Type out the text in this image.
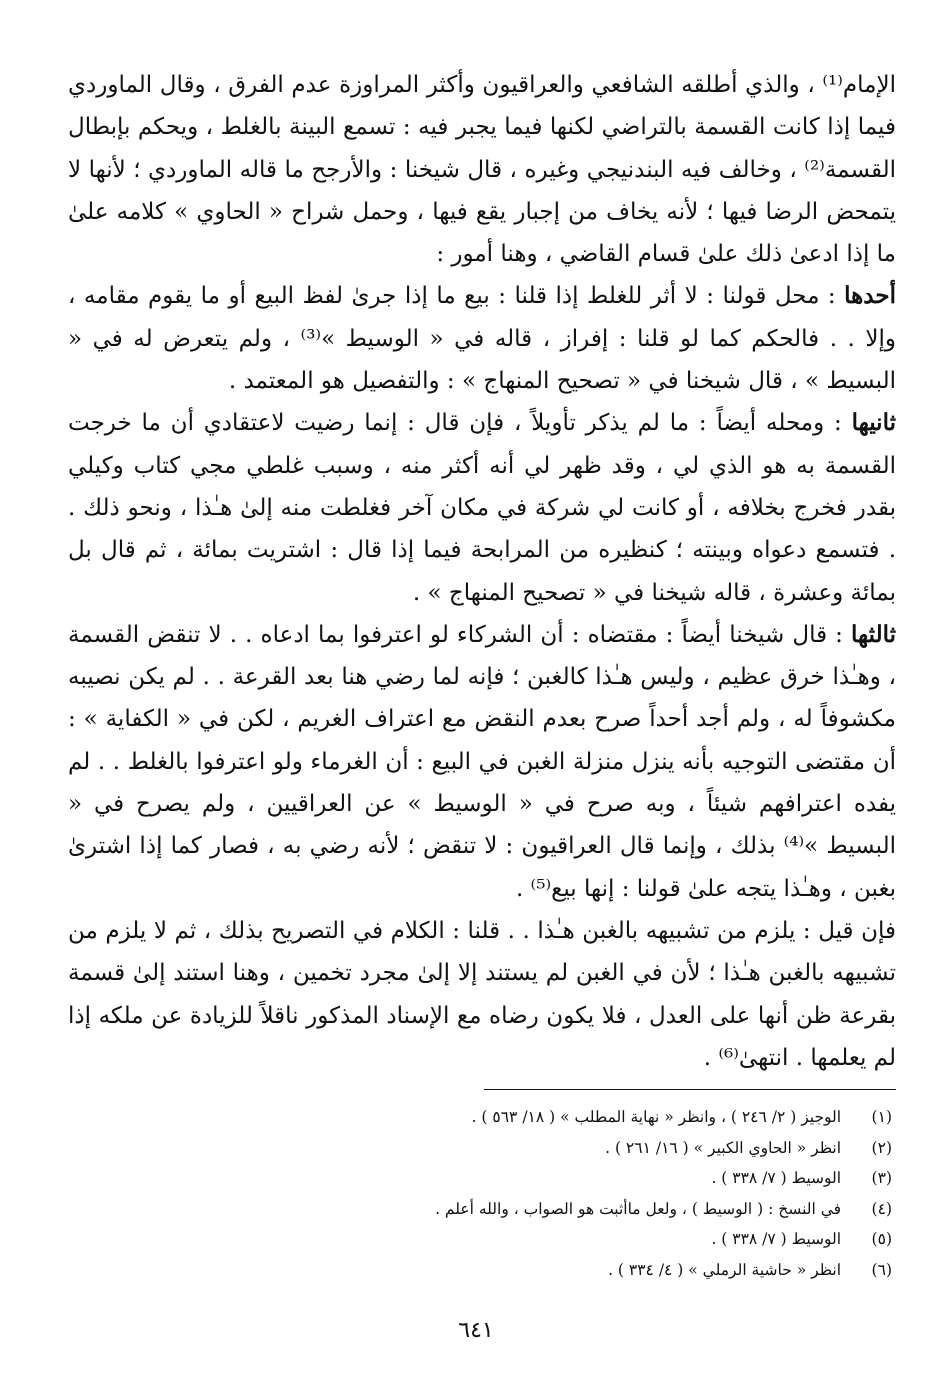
الإمام⁽¹⁾ ، والذي أطلقه الشافعي والعراقيون وأكثر المراوزة عدم الفرق ، وقال الماوردي فيما إذا كانت القسمة بالتراضي لكنها فيما يجبر فيه : تسمع البينة بالغلط ، ويحكم بإبطال القسمة⁽²⁾ ، وخالف فيه البندنيجي وغيره ، قال شيخنا : والأرجح ما قاله الماوردي ؛ لأنها لا يتمحض الرضا فيها ؛ لأنه يخاف من إجبار يقع فيها ، وحمل شراح « الحاوي » كلامه علىٰ ما إذا ادعىٰ ذلك علىٰ قسام القاضي ، وهنا أمور :

أحدها : محل قولنا : لا أثر للغلط إذا قلنا : بيع ما إذا جرىٰ لفظ البيع أو ما يقوم مقامه ، وإلا . . فالحكم كما لو قلنا : إفراز ، قاله في « الوسيط »⁽³⁾ ، ولم يتعرض له في « البسيط » ، قال شيخنا في « تصحيح المنهاج » : والتفصيل هو المعتمد .

ثانيها : ومحله أيضاً : ما لم يذكر تأويلاً ، فإن قال : إنما رضيت لاعتقادي أن ما خرجت القسمة به هو الذي لي ، وقد ظهر لي أنه أكثر منه ، وسبب غلطي مجي كتاب وكيلي بقدر فخرج بخلافه ، أو كانت لي شركة في مكان آخر فغلطت منه إلىٰ هـٰذا ، ونحو ذلك . . فتسمع دعواه وبينته ؛ كنظيره من المرابحة فيما إذا قال : اشتريت بمائة ، ثم قال بل بمائة وعشرة ، قاله شيخنا في « تصحيح المنهاج » .

ثالثها : قال شيخنا أيضاً : مقتضاه : أن الشركاء لو اعترفوا بما ادعاه . . لا تنقض القسمة ، وهـٰذا خرق عظيم ، وليس هـٰذا كالغبن ؛ فإنه لما رضي هنا بعد القرعة . . لم يكن نصيبه مكشوفاً له ، ولم أجد أحداً صرح بعدم النقض مع اعتراف الغريم ، لكن في « الكفاية » : أن مقتضى التوجيه بأنه ينزل منزلة الغبن في البيع : أن الغرماء ولو اعترفوا بالغلط . . لم يفده اعترافهم شيئاً ، وبه صرح في « الوسيط » عن العراقيين ، ولم يصرح في « البسيط »⁽⁴⁾ بذلك ، وإنما قال العراقيون : لا تنقض ؛ لأنه رضي به ، فصار كما إذا اشترىٰ بغبن ، وهـٰذا يتجه علىٰ قولنا : إنها بيع⁽⁵⁾ .

فإن قيل : يلزم من تشبيهه بالغبن هـٰذا . . قلنا : الكلام في التصريح بذلك ، ثم لا يلزم من تشبيهه بالغبن هـٰذا ؛ لأن في الغبن لم يستند إلا إلىٰ مجرد تخمين ، وهنا استند إلىٰ قسمة بقرعة ظن أنها على العدل ، فلا يكون رضاه مع الإسناد المذكور ناقلاً للزيادة عن ملكه إذا لم يعلمها . انتهىٰ⁽⁶⁾ .

(١) الوجيز ( ٢/ ٢٤٦ ) ، وانظر « نهاية المطلب » ( ١٨/ ٥٦٣ ) .
(٢) انظر « الحاوي الكبير » ( ١٦/ ٢٦١ ) .
(٣) الوسيط ( ٧/ ٣٣٨ ) .
(٤) في النسخ : ( الوسيط ) ، ولعل ماأثبت هو الصواب ، والله أعلم .
(٥) الوسيط ( ٧/ ٣٣٨ ) .
(٦) انظر « حاشية الرملي » ( ٤/ ٣٣٤ ) .
٦٤١
